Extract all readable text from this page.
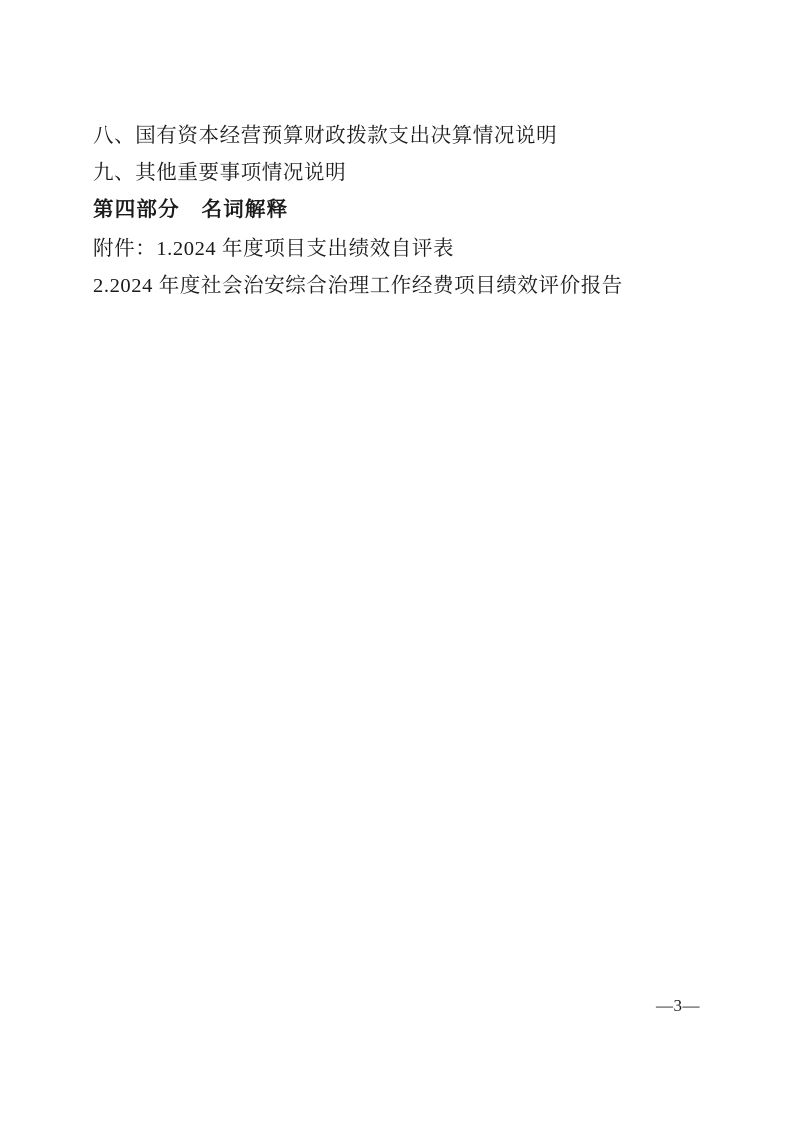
八、国有资本经营预算财政拨款支出决算情况说明
九、其他重要事项情况说明
第四部分　名词解释
附件：1.2024 年度项目支出绩效自评表
2.2024 年度社会治安综合治理工作经费项目绩效评价报告
—3—
